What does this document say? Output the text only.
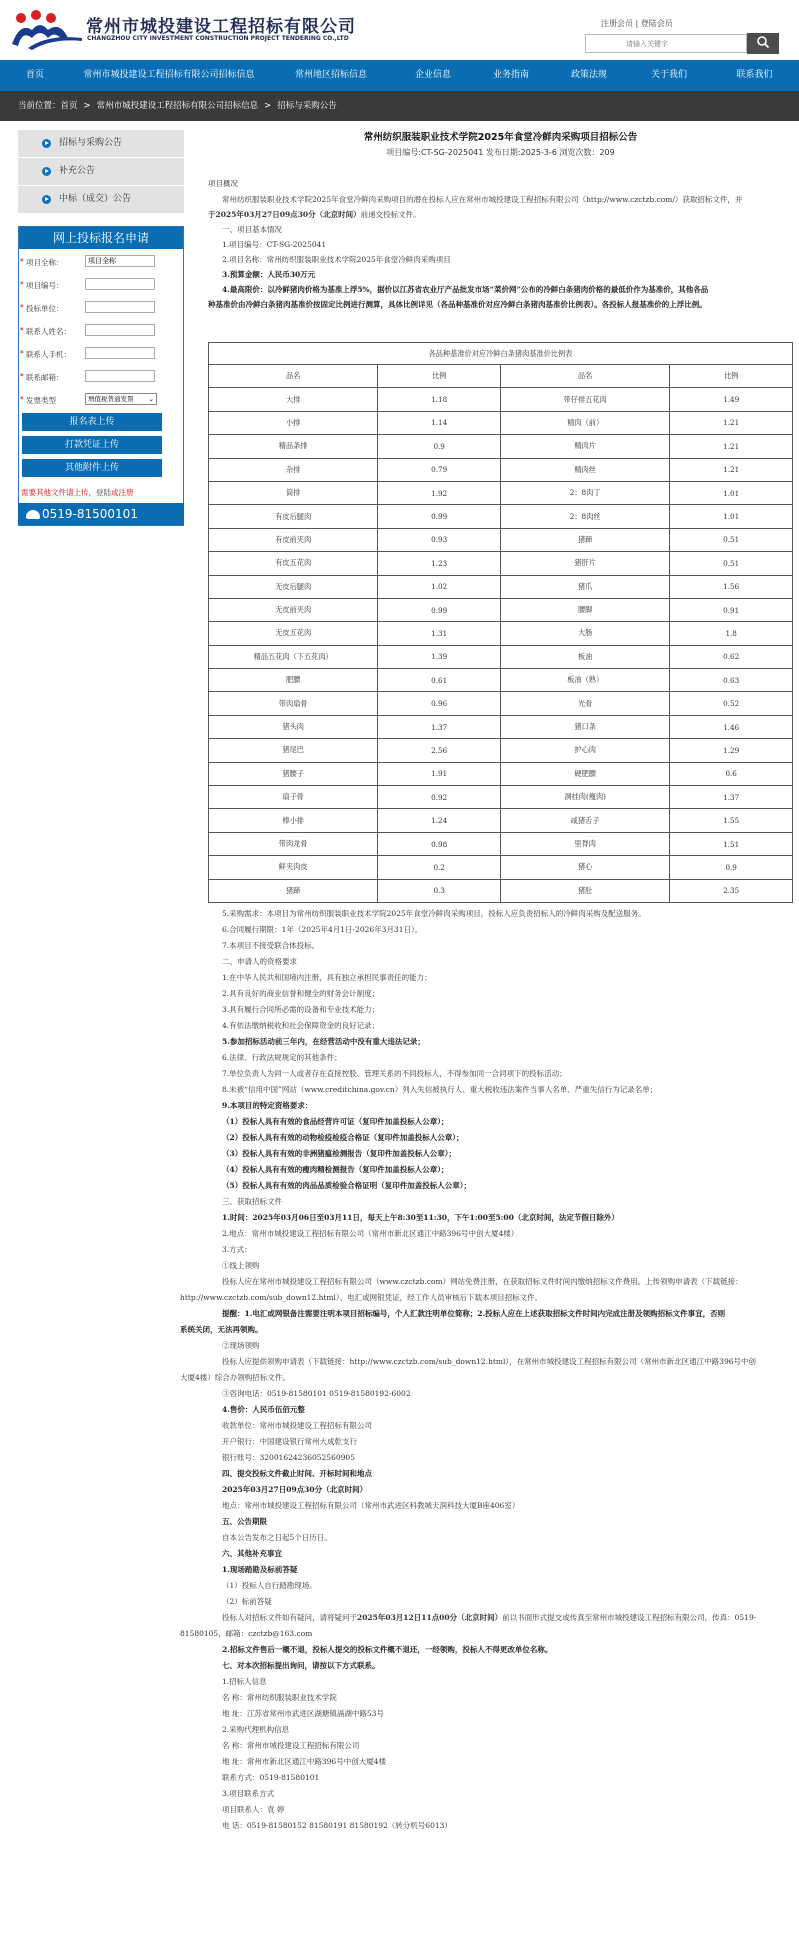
常州市城投建设工程招标有限公司
CHANGZHOU CITY INVESTMENT CONSTRUCTION PROJECT TENDERING CO.,LTD
注册会员 | 登陆会员
请输入关键字
首页	常州市城投建设工程招标有限公司招标信息	常州地区招标信息	企业信息	业务指南	政策法规	关于我们	联系我们
当前位置：首页 > 常州市城投建设工程招标有限公司招标信息 > 招标与采购公告
招标与采购公告
补充公告
中标（成交）公告
网上投标报名申请
* 项目全称：
项目全称
* 项目编号：
* 投标单位：
* 联系人姓名：
* 联系人手机：
* 联系邮箱：
* 发票类型	增值税普通发票 ⌄
报名表上传
打款凭证上传
其他附件上传
需要其他文件请上传，登陆或注册
0519-81500101
常州纺织服装职业技术学院2025年食堂冷鲜肉采购项目招标公告
项目编号:CT-SG-2025041 发布日期:2025-3-6 浏览次数：209
各品种基准价对应冷鲜白条猪肉基准价比例表			
品名	比例	品名	比例
大排	1.18	带仔排五花肉	1.49
小排	1.14	精肉（前）	1.21
精品条排	0.9	精肉片	1.21
杂排	0.79	精肉丝	1.21
筒排	1.92	2：8肉丁	1.01
有皮后腿肉	0.99	2：8肉丝	1.01
有皮前夹肉	0.93	猪蹄	0.51
有皮五花肉	1.23	猪肝片	0.51
无皮后腿肉	1.02	猪爪	1.56
无皮前夹肉	0.99	腰脚	0.91
无皮五花肉	1.31	大肠	1.8
精品五花肉（下五花肉）	1.39	板油	0.62
肥膘	0.61	板油（熟）	0.63
带肉扇骨	0.96	光骨	0.52
猪头肉	1.37	猪口条	1.46
猪尾巴	2.56	护心肉	1.29
猪腰子	1.91	硬肥膘	0.6
扇子骨	0.92	洞挂肉(瘦肉)	1.37
棒小排	1.24	咸猪舌子	1.55
带肉龙骨	0.98	里脊肉	1.51
鲜夹肉皮	0.2	猪心	0.9
猪蹄	0.3	猪肚	2.35
项目概况
常州纺织服装职业技术学院2025年食堂冷鲜肉采购项目的潜在投标人应在常州市城投建设工程招标有限公司（http://www.czctzb.com/）获取招标文件，并
于2025年03月27日09点30分（北京时间）前递交投标文件。
一、项目基本情况
1.项目编号：CT-SG-2025041
2.项目名称：常州纺织服装职业技术学院2025年食堂冷鲜肉采购项目
3.预算金额：人民币30万元
4.最高限价：以冷鲜猪肉价格为基准上浮5%，据价以江苏省农业厅产品批发市场“菜价网”公布的冷鲜白条猪肉价格的最低价作为基准价，其他各品
种基准价由冷鲜白条猪肉基准价按固定比例进行测算，具体比例详见（各品种基准价对应冷鲜白条猪肉基准价比例表）。各投标人报基准价的上浮比例。
5.采购需求：本项目为常州纺织服装职业技术学院2025年食堂冷鲜肉采购项目，投标人应负责招标人的冷鲜肉采购及配送服务。
6.合同履行期限：1年（2025年4月1日-2026年3月31日）。
7.本项目不接受联合体投标。
二、申请人的资格要求
1.在中华人民共和国境内注册，具有独立承担民事责任的能力；
2.具有良好的商业信誉和健全的财务会计制度；
3.具有履行合同所必需的设备和专业技术能力；
4.有依法缴纳税收和社会保障资金的良好记录；
5.参加招标活动前三年内，在经营活动中没有重大违法记录；
6.法律、行政法规规定的其他条件；
7.单位负责人为同一人或者存在直接控股、管理关系的不同投标人，不得参加同一合同项下的投标活动；
8.未被“信用中国”网站（www.creditchina.gov.cn）列入失信被执行人、重大税收违法案件当事人名单、严重失信行为记录名单；
9.本项目的特定资格要求：
（1）投标人具有有效的食品经营许可证（复印件加盖投标人公章）；
（2）投标人具有有效的动物检疫检疫合格证（复印件加盖投标人公章）；
（3）投标人具有有效的非洲猪瘟检测报告（复印件加盖投标人公章）；
（4）投标人具有有效的瘦肉精检测报告（复印件加盖投标人公章）；
（5）投标人具有有效的肉品品质检验合格证明（复印件加盖投标人公章）；
三、获取招标文件
1.时间：2025年03月06日至03月11日，每天上午8:30至11:30，下午1:00至5:00（北京时间，法定节假日除外）
2.地点：常州市城投建设工程招标有限公司（常州市新北区通江中路396号中创大厦4楼）
3.方式：
①线上领购
投标人应在常州市城投建设工程招标有限公司（www.czctzb.com）网站免费注册，在获取招标文件时间内缴纳招标文件费用，上传领购申请表（下载链接：
http://www.czctzb.com/sub_down12.html）、电汇或网银凭证，经工作人员审核后下载本项目招标文件。
提醒：1.电汇或网银备注需要注明本项目招标编号，个人汇款注明单位简称；2.投标人应在上述获取招标文件时间内完成注册及领购招标文件事宜，否则
系统关闭，无法再领购。
②现场领购
投标人应提供领购申请表（下载链接：http://www.czctzb.com/sub_down12.html），在常州市城投建设工程招标有限公司（常州市新北区通江中路396号中创
大厦4楼）综合办领购招标文件。
③咨询电话：0519-81580101 0519-81580192-6002
4.售价：人民币伍佰元整
收款单位：常州市城投建设工程招标有限公司
开户银行：中国建设银行常州大成乾支行
银行账号：32001624236052560905
四、提交投标文件截止时间、开标时间和地点
2025年03月27日09点30分（北京时间）
地点：常州市城投建设工程招标有限公司（常州市武进区科教城天润科技大厦B座406室）
五、公告期限
自本公告发布之日起5个日历日。
六、其他补充事宜
1.现场踏勘及标前答疑
（1）投标人自行踏勘现场。
（2）标前答疑
投标人对招标文件如有疑问，请将疑问于2025年03月12日11点00分（北京时间）前以书面形式提交或传真至常州市城投建设工程招标有限公司，传真：0519-
81580105，邮箱：czctzb@163.com
2.招标文件售后一概不退，投标人提交的投标文件概不退还，一经领购，投标人不得更改单位名称。
七、对本次招标提出询问，请按以下方式联系。
1.招标人信息
名 称：常州纺织服装职业技术学院
地 址：江苏省常州市武进区湖塘镇滆湖中路53号
2.采购代理机构信息
名 称：常州市城投建设工程招标有限公司
地 址：常州市新北区通江中路396号中创大厦4楼
联系方式：0519-81580101
3.项目联系方式
项目联系人：袁 婷
电 话：0519-81580152 81580191 81580192（转分机号6013）
